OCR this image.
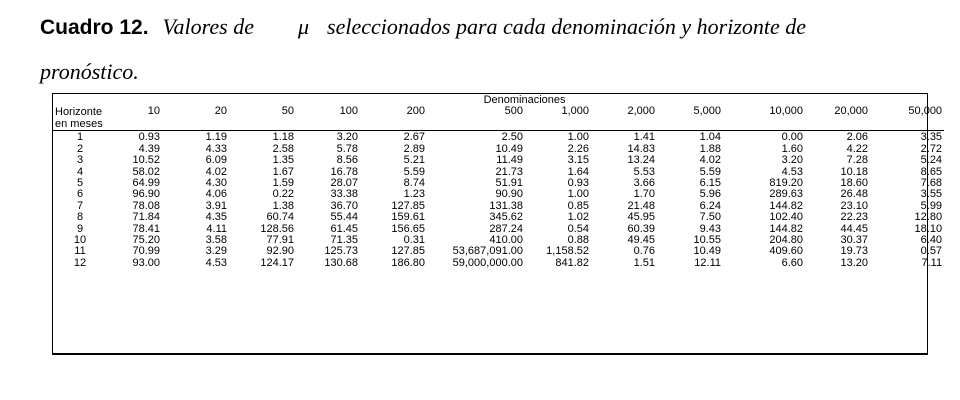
Cuadro 12. Valores de μ seleccionados para cada denominación y horizonte de
pronóstico.
	Denominaciones											
Horizonte en meses	10	20	50	100	200	500	1,000	2,000	5,000	10,000	20,000	50,000
1	0.93	1.19	1.18	3.20	2.67	2.50	1.00	1.41	1.04	0.00	2.06	3.35
2	4.39	4.33	2.58	5.78	2.89	10.49	2.26	14.83	1.88	1.60	4.22	2.72
3	10.52	6.09	1.35	8.56	5.21	11.49	3.15	13.24	4.02	3.20	7.28	5.24
4	58.02	4.02	1.67	16.78	5.59	21.73	1.64	5.53	5.59	4.53	10.18	8.65
5	64.99	4.30	1.59	28.07	8.74	51.91	0.93	3.66	6.15	819.20	18.60	7.68
6	96.90	4.06	0.22	33.38	1.23	90.90	1.00	1.70	5.96	289.63	26.48	3.55
7	78.08	3.91	1.38	36.70	127.85	131.38	0.85	21.48	6.24	144.82	23.10	5.99
8	71.84	4.35	60.74	55.44	159.61	345.62	1.02	45.95	7.50	102.40	22.23	12.80
9	78.41	4.11	128.56	61.45	156.65	287.24	0.54	60.39	9.43	144.82	44.45	18.10
10	75.20	3.58	77.91	71.35	0.31	410.00	0.88	49.45	10.55	204.80	30.37	6.40
11	70.99	3.29	92.90	125.73	127.85	53,687,091.00	1,158.52	0.76	10.49	409.60	19.73	0.57
12	93.00	4.53	124.17	130.68	186.80	59,000,000.00	841.82	1.51	12.11	6.60	13.20	7.11
